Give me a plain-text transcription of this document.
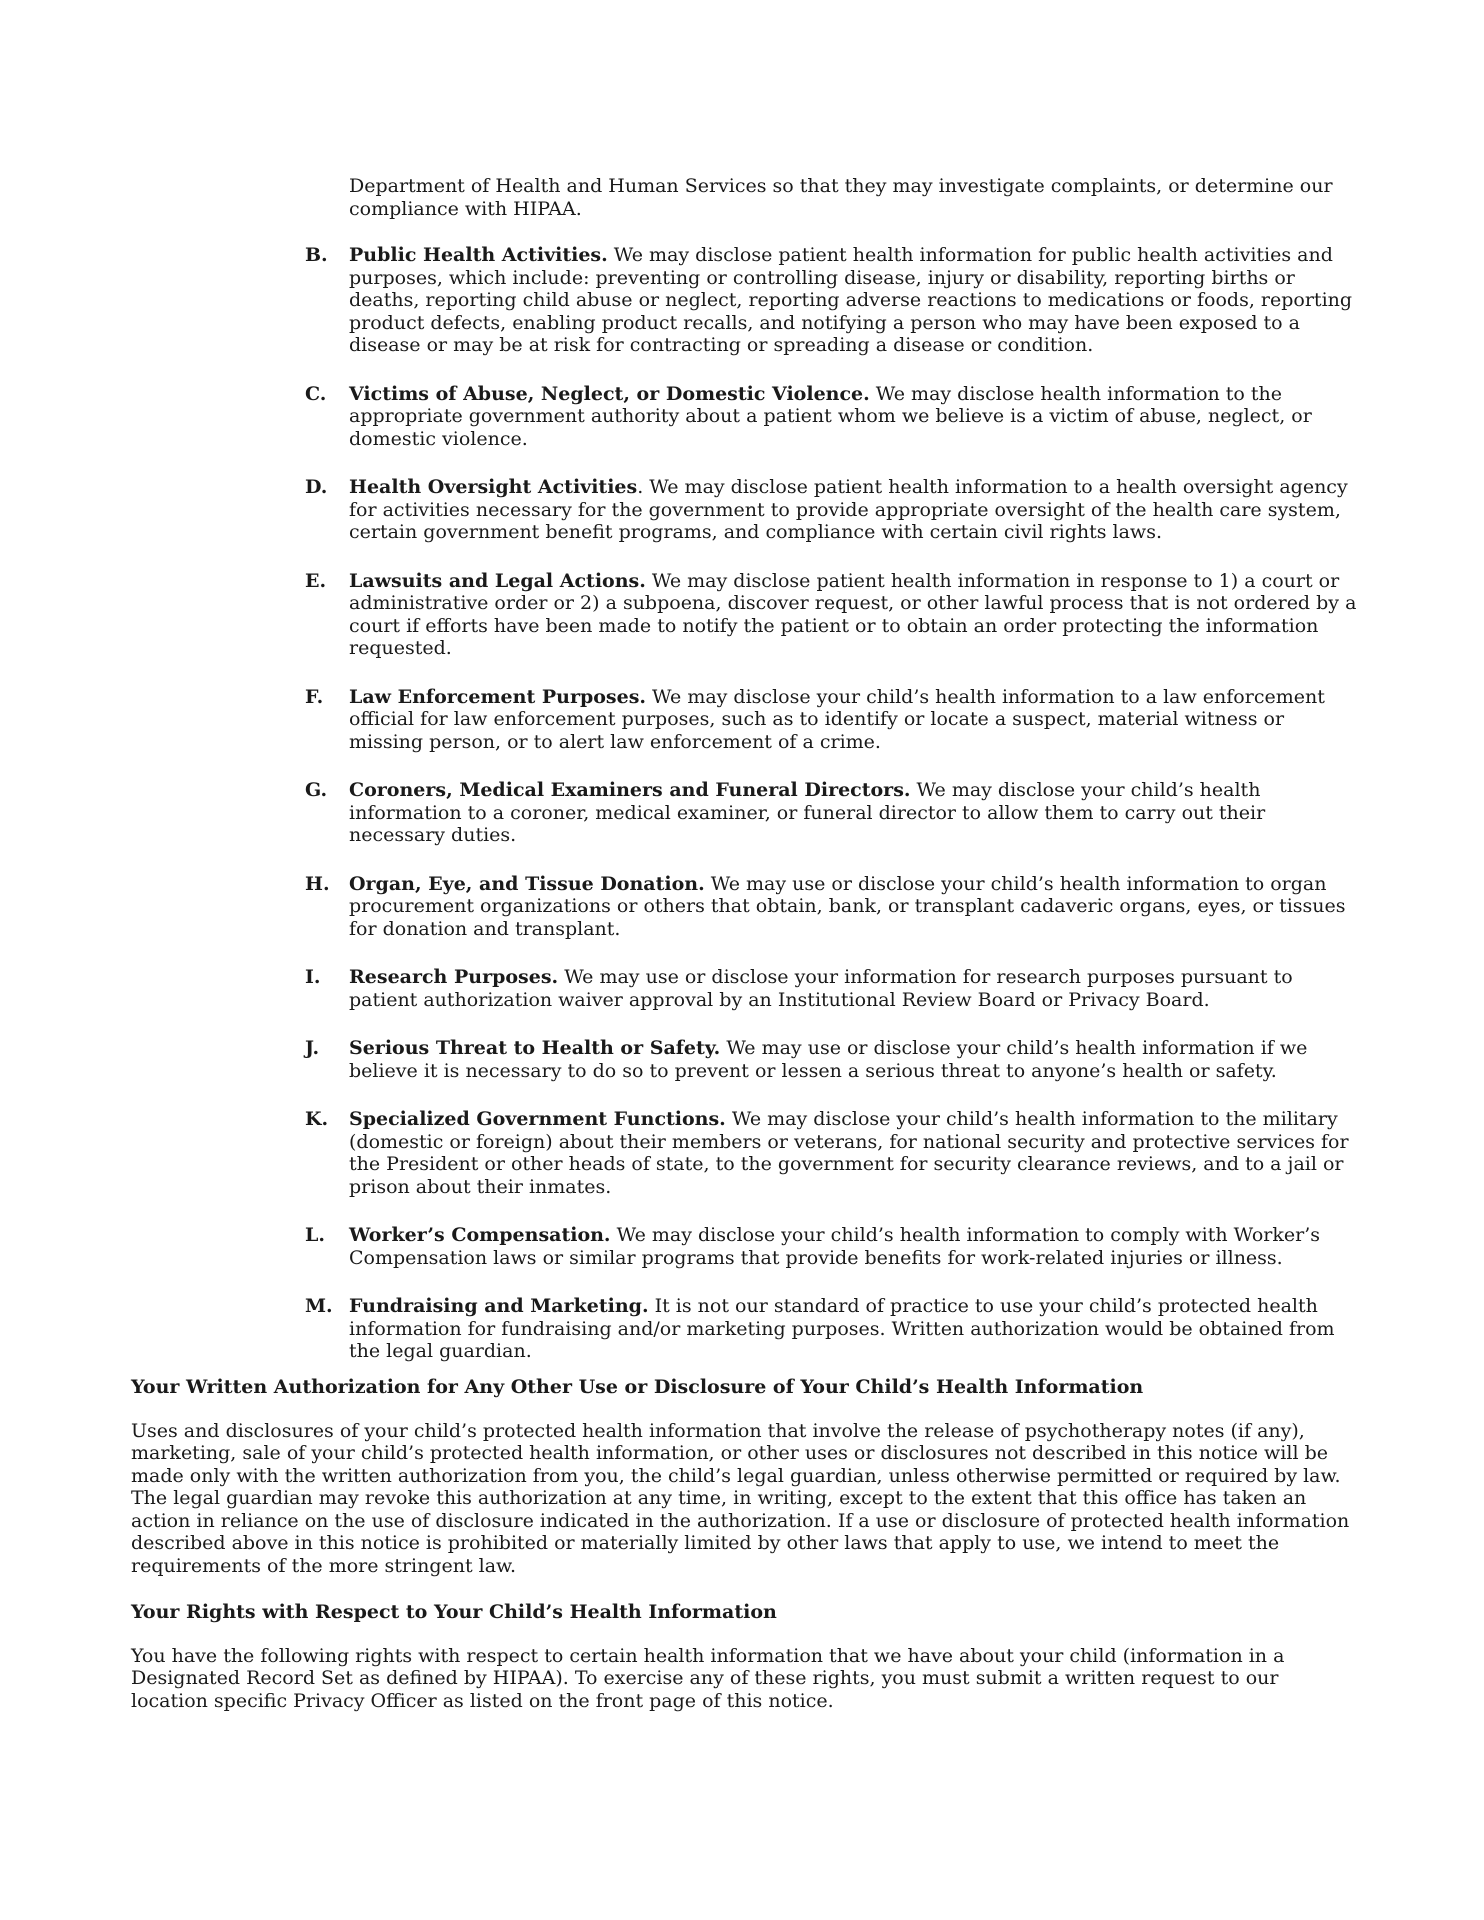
Department of Health and Human Services so that they may investigate complaints, or determine our compliance with HIPAA.

B. Public Health Activities. We may disclose patient health information for public health activities and purposes, which include: preventing or controlling disease, injury or disability, reporting births or deaths, reporting child abuse or neglect, reporting adverse reactions to medications or foods, reporting product defects, enabling product recalls, and notifying a person who may have been exposed to a disease or may be at risk for contracting or spreading a disease or condition.

C. Victims of Abuse, Neglect, or Domestic Violence. We may disclose health information to the appropriate government authority about a patient whom we believe is a victim of abuse, neglect, or domestic violence.

D. Health Oversight Activities. We may disclose patient health information to a health oversight agency for activities necessary for the government to provide appropriate oversight of the health care system, certain government benefit programs, and compliance with certain civil rights laws.

E. Lawsuits and Legal Actions. We may disclose patient health information in response to 1) a court or administrative order or 2) a subpoena, discover request, or other lawful process that is not ordered by a court if efforts have been made to notify the patient or to obtain an order protecting the information requested.

F. Law Enforcement Purposes. We may disclose your child’s health information to a law enforcement official for law enforcement purposes, such as to identify or locate a suspect, material witness or missing person, or to alert law enforcement of a crime.

G. Coroners, Medical Examiners and Funeral Directors. We may disclose your child’s health information to a coroner, medical examiner, or funeral director to allow them to carry out their necessary duties.

H. Organ, Eye, and Tissue Donation. We may use or disclose your child’s health information to organ procurement organizations or others that obtain, bank, or transplant cadaveric organs, eyes, or tissues for donation and transplant.

I. Research Purposes. We may use or disclose your information for research purposes pursuant to patient authorization waiver approval by an Institutional Review Board or Privacy Board.

J. Serious Threat to Health or Safety. We may use or disclose your child’s health information if we believe it is necessary to do so to prevent or lessen a serious threat to anyone’s health or safety.

K. Specialized Government Functions. We may disclose your child’s health information to the military (domestic or foreign) about their members or veterans, for national security and protective services for the President or other heads of state, to the government for security clearance reviews, and to a jail or prison about their inmates.

L. Worker’s Compensation. We may disclose your child’s health information to comply with Worker’s Compensation laws or similar programs that provide benefits for work-related injuries or illness.

M. Fundraising and Marketing. It is not our standard of practice to use your child’s protected health information for fundraising and/or marketing purposes. Written authorization would be obtained from the legal guardian.

Your Written Authorization for Any Other Use or Disclosure of Your Child’s Health Information

Uses and disclosures of your child’s protected health information that involve the release of psychotherapy notes (if any), marketing, sale of your child’s protected health information, or other uses or disclosures not described in this notice will be made only with the written authorization from you, the child’s legal guardian, unless otherwise permitted or required by law. The legal guardian may revoke this authorization at any time, in writing, except to the extent that this office has taken an action in reliance on the use of disclosure indicated in the authorization. If a use or disclosure of protected health information described above in this notice is prohibited or materially limited by other laws that apply to use, we intend to meet the requirements of the more stringent law.

Your Rights with Respect to Your Child’s Health Information

You have the following rights with respect to certain health information that we have about your child (information in a Designated Record Set as defined by HIPAA). To exercise any of these rights, you must submit a written request to our location specific Privacy Officer as listed on the front page of this notice.
